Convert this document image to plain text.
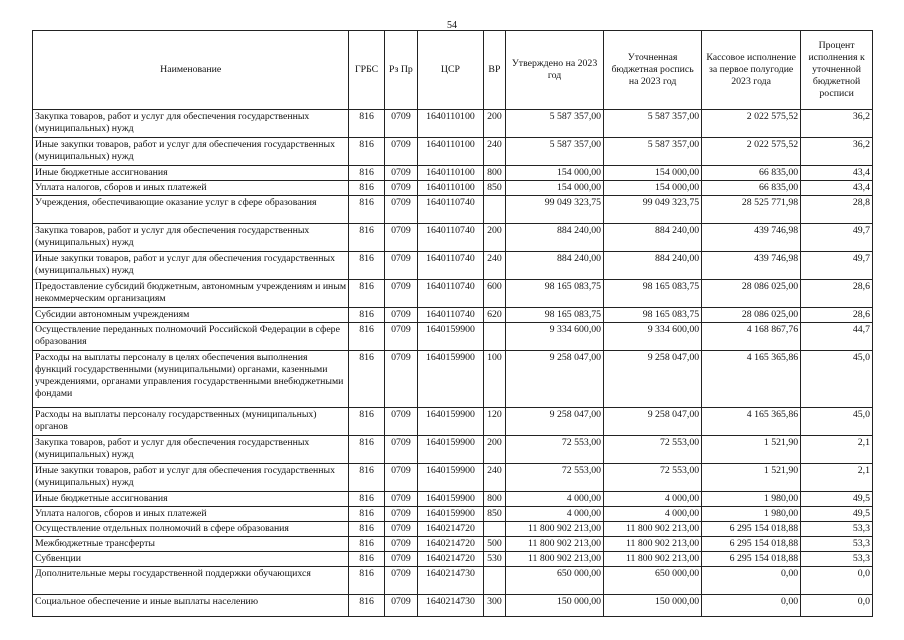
54
Наименование	ГРБС	Рз Пр	ЦСР	ВР	Утверждено на 2023 год	Уточненная бюджетная роспись на 2023 год	Кассовое исполнение за первое полугодие 2023 года	Процент исполнения к уточненной бюджетной росписи
Закупка товаров, работ и услуг для обеспечения государственных (муниципальных) нужд	816	0709	1640110100	200	5 587 357,00	5 587 357,00	2 022 575,52	36,2
Иные закупки товаров, работ и услуг для обеспечения государственных (муниципальных) нужд	816	0709	1640110100	240	5 587 357,00	5 587 357,00	2 022 575,52	36,2
Иные бюджетные ассигнования	816	0709	1640110100	800	154 000,00	154 000,00	66 835,00	43,4
Уплата налогов, сборов и иных платежей	816	0709	1640110100	850	154 000,00	154 000,00	66 835,00	43,4
Учреждения, обеспечивающие оказание услуг в сфере образования	816	0709	1640110740		99 049 323,75	99 049 323,75	28 525 771,98	28,8
Закупка товаров, работ и услуг для обеспечения государственных (муниципальных) нужд	816	0709	1640110740	200	884 240,00	884 240,00	439 746,98	49,7
Иные закупки товаров, работ и услуг для обеспечения государственных (муниципальных) нужд	816	0709	1640110740	240	884 240,00	884 240,00	439 746,98	49,7
Предоставление субсидий бюджетным, автономным учреждениям и иным некоммерческим организациям	816	0709	1640110740	600	98 165 083,75	98 165 083,75	28 086 025,00	28,6
Субсидии автономным учреждениям	816	0709	1640110740	620	98 165 083,75	98 165 083,75	28 086 025,00	28,6
Осуществление переданных полномочий Российской Федерации в сфере образования	816	0709	1640159900		9 334 600,00	9 334 600,00	4 168 867,76	44,7
Расходы на выплаты персоналу в целях обеспечения выполнения функций государственными (муниципальными) органами, казенными учреждениями, органами управления государственными внебюджетными фондами	816	0709	1640159900	100	9 258 047,00	9 258 047,00	4 165 365,86	45,0
Расходы на выплаты персоналу государственных (муниципальных) органов	816	0709	1640159900	120	9 258 047,00	9 258 047,00	4 165 365,86	45,0
Закупка товаров, работ и услуг для обеспечения государственных (муниципальных) нужд	816	0709	1640159900	200	72 553,00	72 553,00	1 521,90	2,1
Иные закупки товаров, работ и услуг для обеспечения государственных (муниципальных) нужд	816	0709	1640159900	240	72 553,00	72 553,00	1 521,90	2,1
Иные бюджетные ассигнования	816	0709	1640159900	800	4 000,00	4 000,00	1 980,00	49,5
Уплата налогов, сборов и иных платежей	816	0709	1640159900	850	4 000,00	4 000,00	1 980,00	49,5
Осуществление отдельных полномочий в сфере образования	816	0709	1640214720		11 800 902 213,00	11 800 902 213,00	6 295 154 018,88	53,3
Межбюджетные трансферты	816	0709	1640214720	500	11 800 902 213,00	11 800 902 213,00	6 295 154 018,88	53,3
Субвенции	816	0709	1640214720	530	11 800 902 213,00	11 800 902 213,00	6 295 154 018,88	53,3
Дополнительные меры государственной поддержки обучающихся	816	0709	1640214730		650 000,00	650 000,00	0,00	0,0
Социальное обеспечение и иные выплаты населению	816	0709	1640214730	300	150 000,00	150 000,00	0,00	0,0
